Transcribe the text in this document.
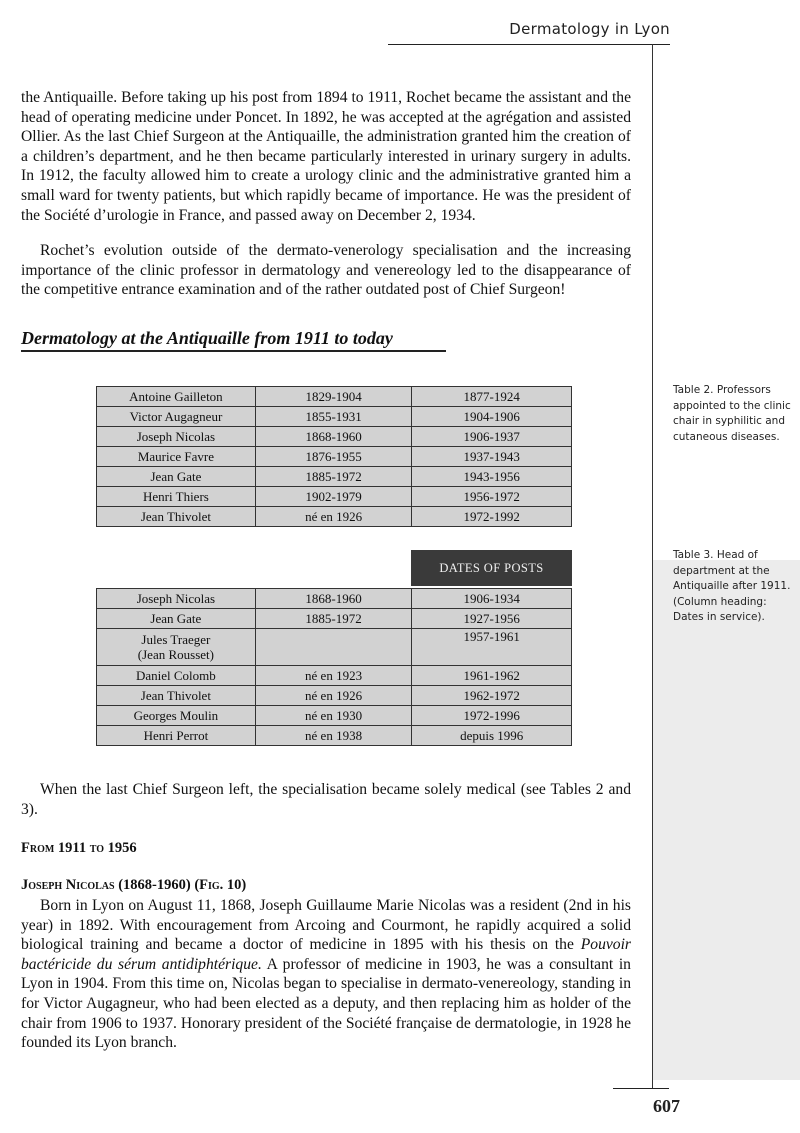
Dermatology in Lyon

the Antiquaille. Before taking up his post from 1894 to 1911, Rochet became the assistant and the head of operating medicine under Poncet. In 1892, he was accepted at the agrégation and assisted Ollier. As the last Chief Surgeon at the Antiquaille, the administration granted him the creation of a children’s department, and he then became particularly interested in urinary surgery in adults. In 1912, the faculty allowed him to create a urology clinic and the administrative granted him a small ward for twenty patients, but which rapidly became of importance. He was the president of the Société d’urologie in France, and passed away on December 2, 1934.

Rochet’s evolution outside of the dermato-venerology specialisation and the increasing importance of the clinic professor in dermatology and venereology led to the disappearance of the competitive entrance examination and of the rather outdated post of Chief Surgeon!

Dermatology at the Antiquaille from 1911 to today
Antoine Gailleton	1829-1904	1877-1924
Victor Augagneur	1855-1931	1904-1906
Joseph Nicolas	1868-1960	1906-1937
Maurice Favre	1876-1955	1937-1943
Jean Gate	1885-1972	1943-1956
Henri Thiers	1902-1979	1956-1972
Jean Thivolet	né en 1926	1972-1992

Table 2. Professors appointed to the clinic chair in syphilitic and cutaneous diseases.

DATES OF POSTS
Joseph Nicolas	1868-1960	1906-1934
Jean Gate	1885-1972	1927-1956

Jules Traeger
(Jean Rousset)		1957-1961
Daniel Colomb	né en 1923	1961-1962
Jean Thivolet	né en 1926	1962-1972
Georges Moulin	né en 1930	1972-1996
Henri Perrot	né en 1938	depuis 1996

Table 3. Head of department at the Antiquaille after 1911. (Column heading: Dates in service).

When the last Chief Surgeon left, the specialisation became solely medical (see Tables 2 and 3).

From 1911 to 1956
Joseph Nicolas (1868-1960) (Fig. 10)

Born in Lyon on August 11, 1868, Joseph Guillaume Marie Nicolas was a resident (2nd in his year) in 1892. With encouragement from Arcoing and Courmont, he rapidly acquired a solid biological training and became a doctor of medicine in 1895 with his thesis on the Pouvoir bactéricide du sérum antidiphtérique. A professor of medicine in 1903, he was a consultant in Lyon in 1904. From this time on, Nicolas began to specialise in dermato-venereology, standing in for Victor Augagneur, who had been elected as a deputy, and then replacing him as holder of the chair from 1906 to 1937. Honorary president of the Société française de dermatologie, in 1928 he founded its Lyon branch.

607
